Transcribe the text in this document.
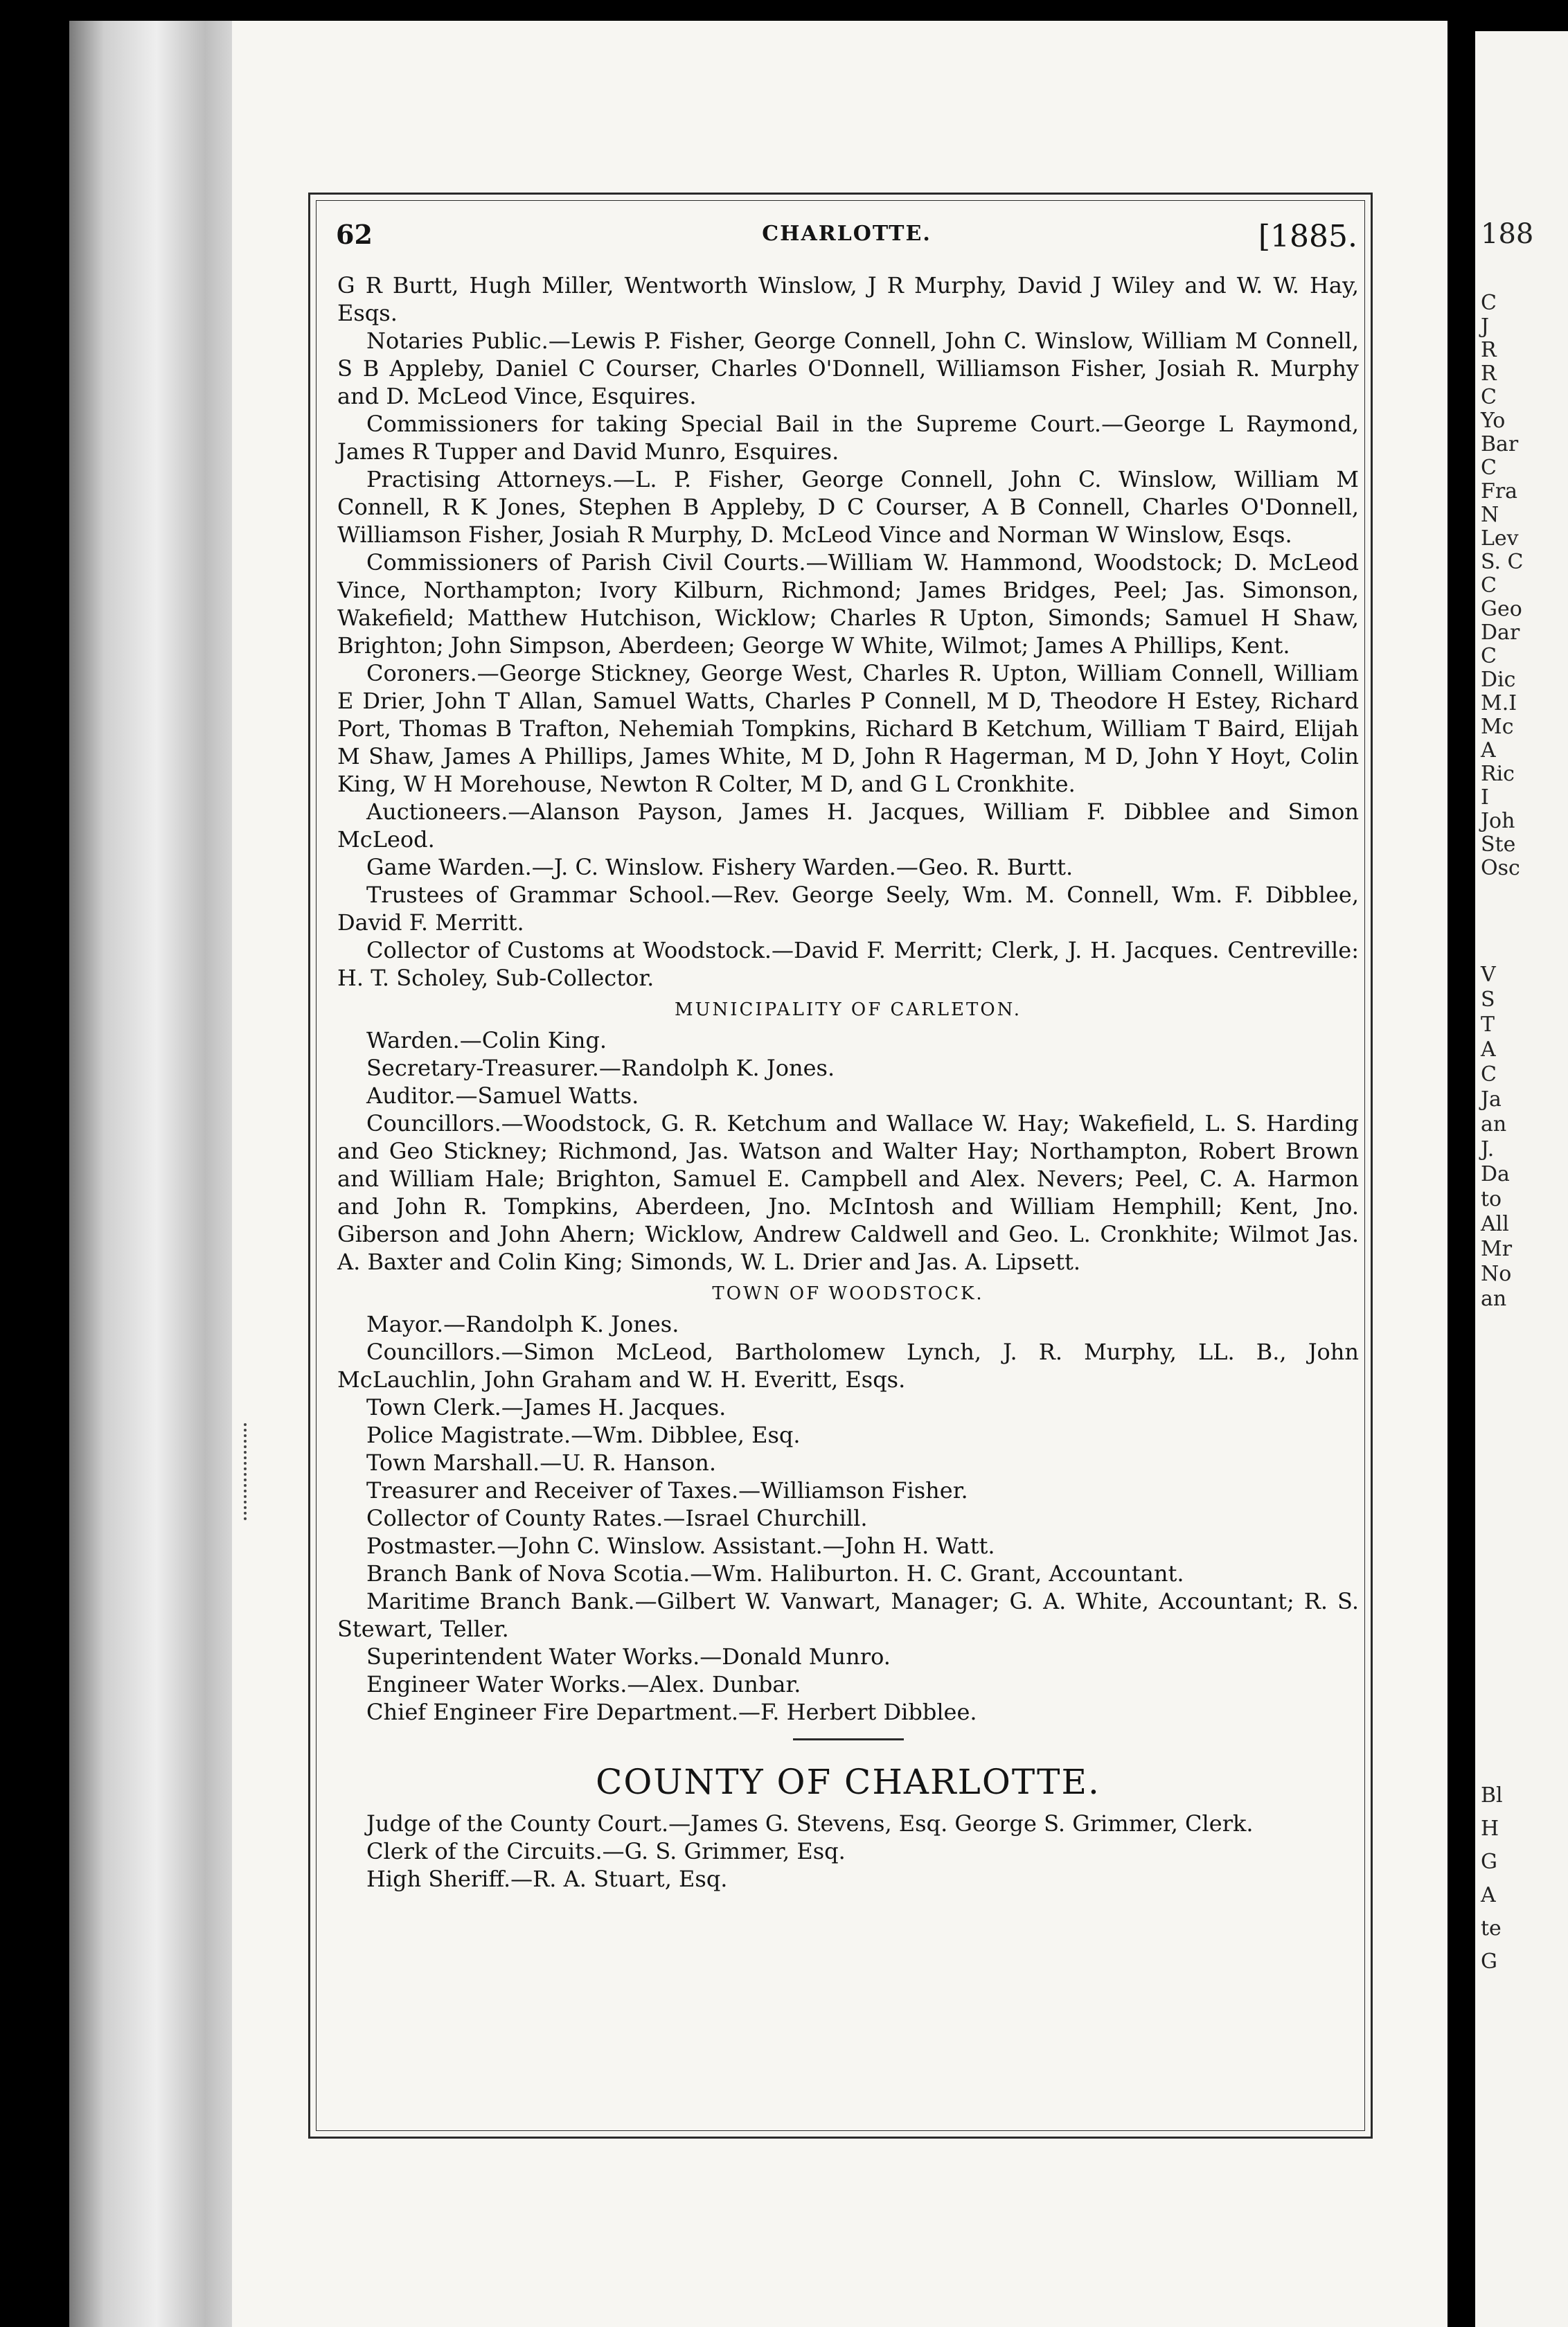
188
C
J
R
R
C
Yo
Bar
C
Fra
N
Lev
S. C
C
Geo
Dar
C
Dic
M.I
Mc
A
Ric
I
Joh
Ste
Osc
V
S
T
A
C
Ja
an
J.
Da
to
All
Mr
No
an
Bl
H
G
A
te
G
62	CHARLOTTE.	[1885.

G R Burtt, Hugh Miller, Wentworth Winslow, J R Murphy, David J Wiley and W. W. Hay, Esqs.

Notaries Public.—Lewis P. Fisher, George Connell, John C. Winslow, William M Connell, S B Appleby, Daniel C Courser, Charles O'Donnell, Williamson Fisher, Josiah R. Murphy and D. McLeod Vince, Esquires.

Commissioners for taking Special Bail in the Supreme Court.—George L Raymond, James R Tupper and David Munro, Esquires.

Practising Attorneys.—L. P. Fisher, George Connell, John C. Winslow, William M Connell, R K Jones, Stephen B Appleby, D C Courser, A B Connell, Charles O'Donnell, Williamson Fisher, Josiah R Murphy, D. McLeod Vince and Norman W Winslow, Esqs.

Commissioners of Parish Civil Courts.—William W. Hammond, Woodstock; D. McLeod Vince, Northampton; Ivory Kilburn, Richmond; James Bridges, Peel; Jas. Simonson, Wakefield; Matthew Hutchison, Wicklow; Charles R Upton, Simonds; Samuel H Shaw, Brighton; John Simpson, Aberdeen; George W White, Wilmot; James A Phillips, Kent.

Coroners.—George Stickney, George West, Charles R. Upton, William Connell, William E Drier, John T Allan, Samuel Watts, Charles P Connell, M D, Theodore H Estey, Richard Port, Thomas B Trafton, Nehemiah Tompkins, Richard B Ketchum, William T Baird, Elijah M Shaw, James A Phillips, James White, M D, John R Hagerman, M D, John Y Hoyt, Colin King, W H Morehouse, Newton R Colter, M D, and G L Cronkhite.

Auctioneers.—Alanson Payson, James H. Jacques, William F. Dibblee and Simon McLeod.

Game Warden.—J. C. Winslow. Fishery Warden.—Geo. R. Burtt.

Trustees of Grammar School.—Rev. George Seely, Wm. M. Connell, Wm. F. Dibblee, David F. Merritt.

Collector of Customs at Woodstock.—David F. Merritt; Clerk, J. H. Jacques. Centreville: H. T. Scholey, Sub-Collector.

MUNICIPALITY OF CARLETON.

Warden.—Colin King.

Secretary-Treasurer.—Randolph K. Jones.

Auditor.—Samuel Watts.

Councillors.—Woodstock, G. R. Ketchum and Wallace W. Hay; Wakefield, L. S. Harding and Geo Stickney; Richmond, Jas. Watson and Walter Hay; Northampton, Robert Brown and William Hale; Brighton, Samuel E. Campbell and Alex. Nevers; Peel, C. A. Harmon and John R. Tompkins, Aberdeen, Jno. McIntosh and William Hemphill; Kent, Jno. Giberson and John Ahern; Wicklow, Andrew Caldwell and Geo. L. Cronkhite; Wilmot Jas. A. Baxter and Colin King; Simonds, W. L. Drier and Jas. A. Lipsett.

TOWN OF WOODSTOCK.

Mayor.—Randolph K. Jones.

Councillors.—Simon McLeod, Bartholomew Lynch, J. R. Murphy, LL. B., John McLauchlin, John Graham and W. H. Everitt, Esqs.

Town Clerk.—James H. Jacques.

Police Magistrate.—Wm. Dibblee, Esq.

Town Marshall.—U. R. Hanson.

Treasurer and Receiver of Taxes.—Williamson Fisher.

Collector of County Rates.—Israel Churchill.

Postmaster.—John C. Winslow. Assistant.—John H. Watt.

Branch Bank of Nova Scotia.—Wm. Haliburton. H. C. Grant, Accountant.

Maritime Branch Bank.—Gilbert W. Vanwart, Manager; G. A. White, Accountant; R. S. Stewart, Teller.

Superintendent Water Works.—Donald Munro.

Engineer Water Works.—Alex. Dunbar.

Chief Engineer Fire Department.—F. Herbert Dibblee.

COUNTY OF CHARLOTTE.

Judge of the County Court.—James G. Stevens, Esq. George S. Grimmer, Clerk.

Clerk of the Circuits.—G. S. Grimmer, Esq.

High Sheriff.—R. A. Stuart, Esq.
